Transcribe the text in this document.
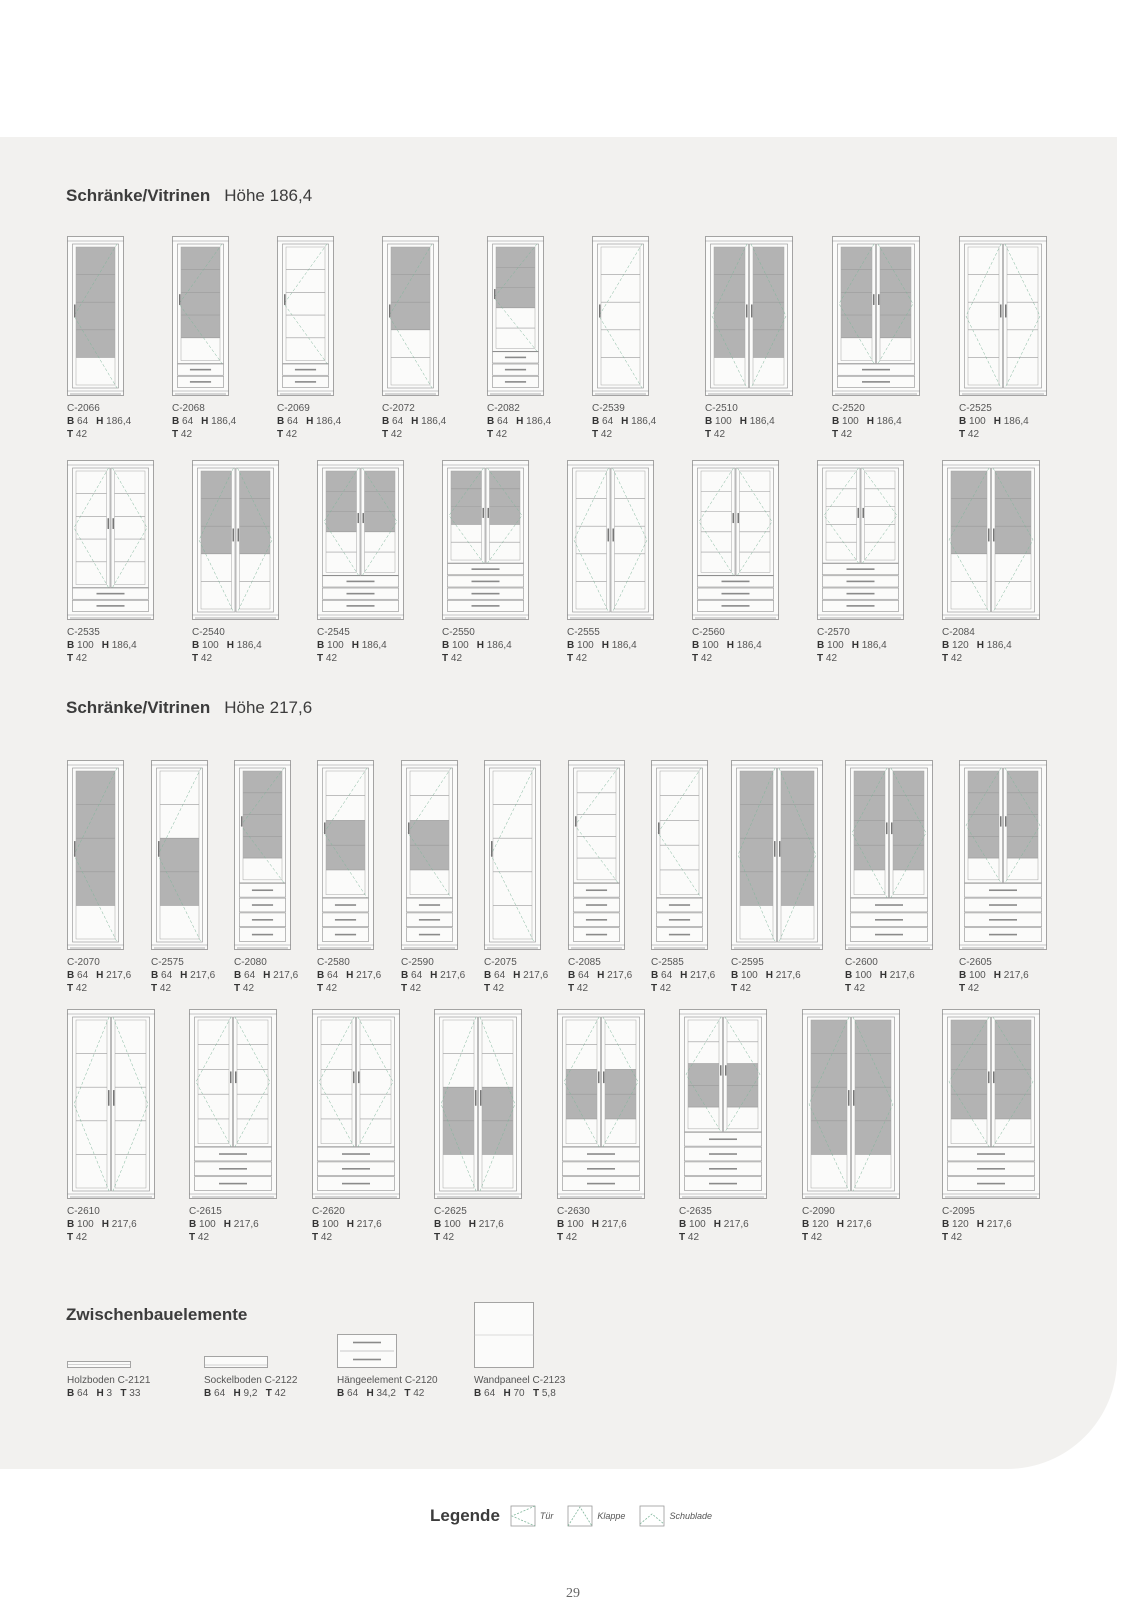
Schränke/Vitrinen Höhe 186,4
Schränke/Vitrinen Höhe 217,6
C-2066
B 64 H 186,4
T 42
C-2068
B 64 H 186,4
T 42
C-2069
B 64 H 186,4
T 42
C-2072
B 64 H 186,4
T 42
C-2082
B 64 H 186,4
T 42
C-2539
B 64 H 186,4
T 42
C-2510
B 100 H 186,4
T 42
C-2520
B 100 H 186,4
T 42
C-2525
B 100 H 186,4
T 42
C-2535
B 100 H 186,4
T 42
C-2540
B 100 H 186,4
T 42
C-2545
B 100 H 186,4
T 42
C-2550
B 100 H 186,4
T 42
C-2555
B 100 H 186,4
T 42
C-2560
B 100 H 186,4
T 42
C-2570
B 100 H 186,4
T 42
C-2084
B 120 H 186,4
T 42
C-2070
B 64 H 217,6
T 42
C-2575
B 64 H 217,6
T 42
C-2080
B 64 H 217,6
T 42
C-2580
B 64 H 217,6
T 42
C-2590
B 64 H 217,6
T 42
C-2075
B 64 H 217,6
T 42
C-2085
B 64 H 217,6
T 42
C-2585
B 64 H 217,6
T 42
C-2595
B 100 H 217,6
T 42
C-2600
B 100 H 217,6
T 42
C-2605
B 100 H 217,6
T 42
C-2610
B 100 H 217,6
T 42
C-2615
B 100 H 217,6
T 42
C-2620
B 100 H 217,6
T 42
C-2625
B 100 H 217,6
T 42
C-2630
B 100 H 217,6
T 42
C-2635
B 100 H 217,6
T 42
C-2090
B 120 H 217,6
T 42
C-2095
B 120 H 217,6
T 42
Zwischenbauelemente
Holzboden C-2121
B 64 H 3 T 33
Sockelboden C-2122
B 64 H 9,2 T 42
Hängeelement C-2120
B 64 H 34,2 T 42
Wandpaneel C-2123
B 64 H 70 T 5,8
Legende	Tür	Klappe	Schublade
29
